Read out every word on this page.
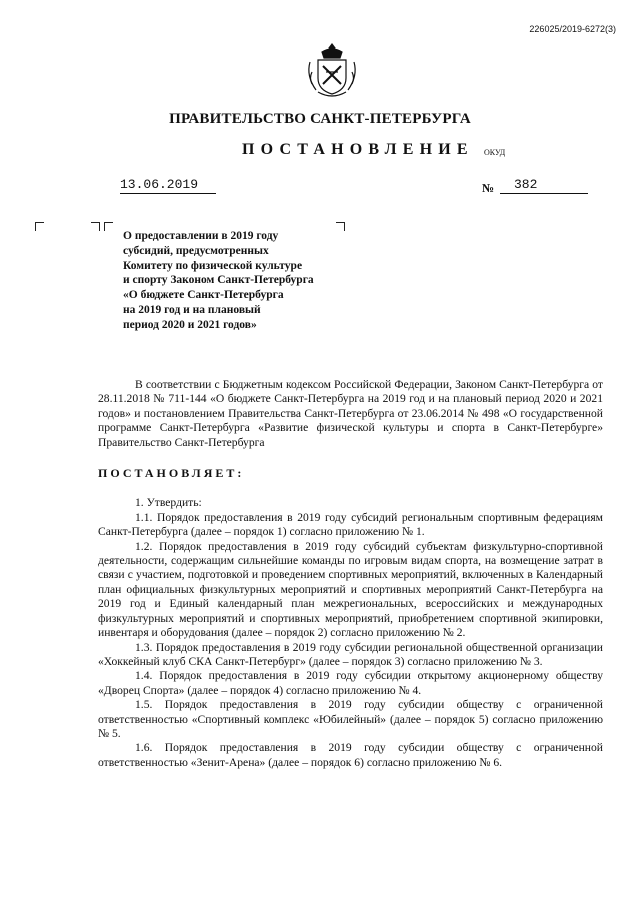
226025/2019-6272(3)
ПРАВИТЕЛЬСТВО САНКТ-ПЕТЕРБУРГА
ПОСТАНОВЛЕНИЕ ОКУД
13.06.2019	№	382
О предоставлении в 2019 году
субсидий, предусмотренных
Комитету по физической культуре
и спорту Законом Санкт-Петербурга
«О бюджете Санкт-Петербурга
на 2019 год и на плановый
период 2020 и 2021 годов»

В соответствии с Бюджетным кодексом Российской Федерации, Законом Санкт-Петербурга от 28.11.2018 № 711-144 «О бюджете Санкт-Петербурга на 2019 год и на плановый период 2020 и 2021 годов» и постановлением Правительства Санкт-Петербурга от 23.06.2014 № 498 «О государственной программе Санкт-Петербурга «Развитие физической культуры и спорта в Санкт-Петербурге» Правительство Санкт-Петербурга

ПОСТАНОВЛЯЕТ:

1. Утвердить:

1.1. Порядок предоставления в 2019 году субсидий региональным спортивным федерациям Санкт-Петербурга (далее – порядок 1) согласно приложению № 1.

1.2. Порядок предоставления в 2019 году субсидий субъектам физкультурно-спортивной деятельности, содержащим сильнейшие команды по игровым видам спорта, на возмещение затрат в связи с участием, подготовкой и проведением спортивных мероприятий, включенных в Календарный план официальных физкультурных мероприятий и спортивных мероприятий Санкт-Петербурга на 2019 год и Единый календарный план межрегиональных, всероссийских и международных физкультурных мероприятий и спортивных мероприятий, приобретением спортивной экипировки, инвентаря и оборудования (далее – порядок 2) согласно приложению № 2.

1.3. Порядок предоставления в 2019 году субсидии региональной общественной организации «Хоккейный клуб СКА Санкт-Петербург» (далее – порядок 3) согласно приложению № 3.

1.4. Порядок предоставления в 2019 году субсидии открытому акционерному обществу «Дворец Спорта» (далее – порядок 4) согласно приложению № 4.

1.5. Порядок предоставления в 2019 году субсидии обществу с ограниченной ответственностью «Спортивный комплекс «Юбилейный» (далее – порядок 5) согласно приложению № 5.

1.6. Порядок предоставления в 2019 году субсидии обществу с ограниченной ответственностью «Зенит-Арена» (далее – порядок 6) согласно приложению № 6.
